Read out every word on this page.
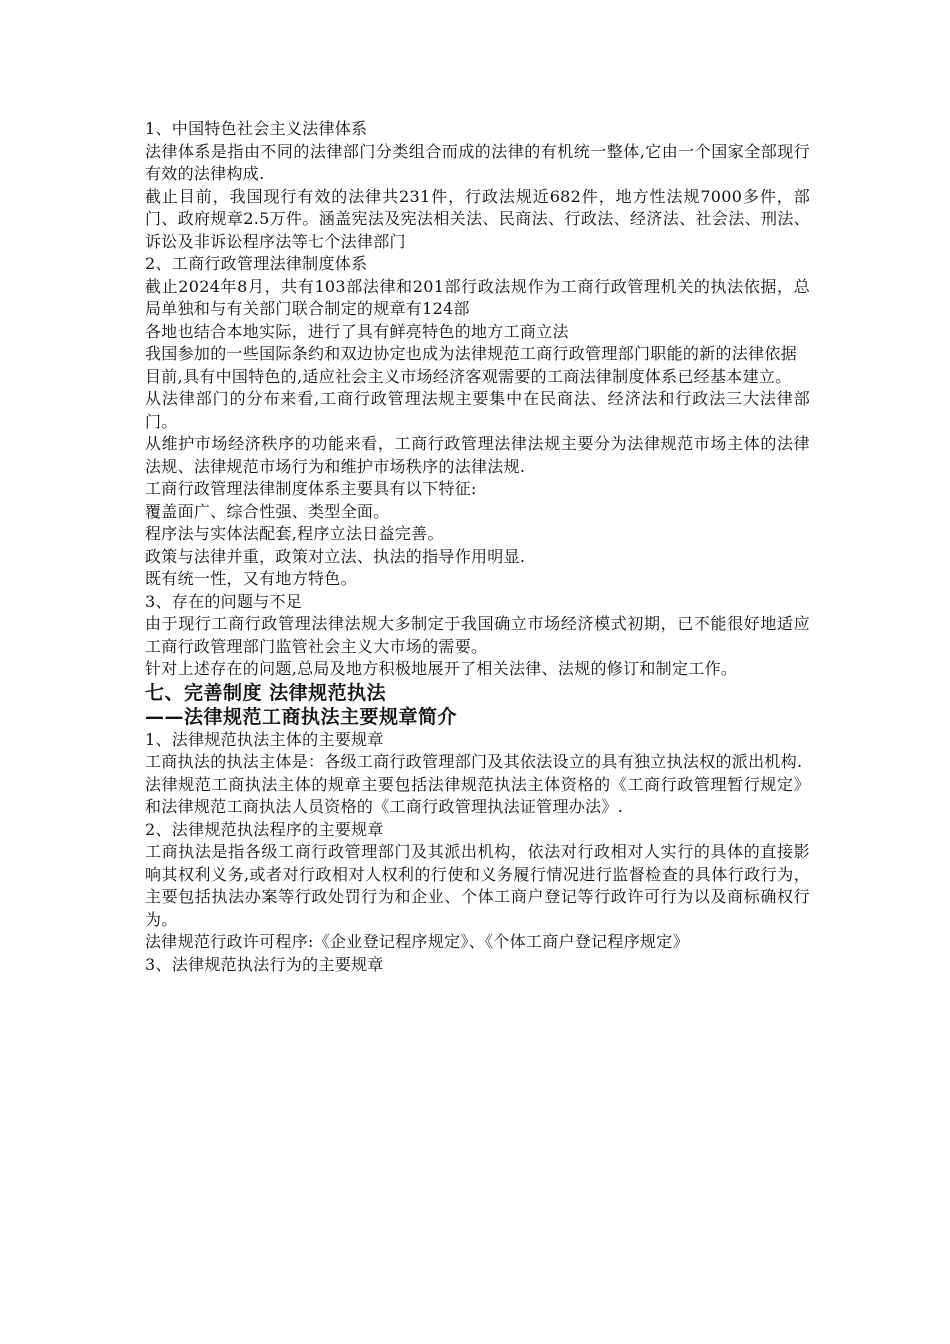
1、中国特色社会主义法律体系

法律体系是指由不同的法律部门分类组合而成的法律的有机统一整体,它由一个国家全部现行有效的法律构成.

截止目前，我国现行有效的法律共231件，行政法规近682件，地方性法规7000多件，部门、政府规章2.5万件。涵盖宪法及宪法相关法、民商法、行政法、经济法、社会法、刑法、诉讼及非诉讼程序法等七个法律部门

2、工商行政管理法律制度体系

截止2024年8月，共有103部法律和201部行政法规作为工商行政管理机关的执法依据，总局单独和与有关部门联合制定的规章有124部

各地也结合本地实际，进行了具有鲜亮特色的地方工商立法

我国参加的一些国际条约和双边协定也成为法律规范工商行政管理部门职能的新的法律依据

目前,具有中国特色的,适应社会主义市场经济客观需要的工商法律制度体系已经基本建立。

从法律部门的分布来看,工商行政管理法规主要集中在民商法、经济法和行政法三大法律部门。

从维护市场经济秩序的功能来看，工商行政管理法律法规主要分为法律规范市场主体的法律法规、法律规范市场行为和维护市场秩序的法律法规.

工商行政管理法律制度体系主要具有以下特征:

覆盖面广、综合性强、类型全面。

程序法与实体法配套,程序立法日益完善。

政策与法律并重，政策对立法、执法的指导作用明显.

既有统一性，又有地方特色。

3、存在的问题与不足

由于现行工商行政管理法律法规大多制定于我国确立市场经济模式初期，已不能很好地适应工商行政管理部门监管社会主义大市场的需要。

针对上述存在的问题,总局及地方积极地展开了相关法律、法规的修订和制定工作。

七、完善制度 法律规范执法
——法律规范工商执法主要规章简介

1、法律规范执法主体的主要规章

工商执法的执法主体是：各级工商行政管理部门及其依法设立的具有独立执法权的派出机构.

法律规范工商执法主体的规章主要包括法律规范执法主体资格的《工商行政管理暂行规定》和法律规范工商执法人员资格的《工商行政管理执法证管理办法》.

2、法律规范执法程序的主要规章

工商执法是指各级工商行政管理部门及其派出机构，依法对行政相对人实行的具体的直接影响其权利义务,或者对行政相对人权利的行使和义务履行情况进行监督检查的具体行政行为，主要包括执法办案等行政处罚行为和企业、个体工商户登记等行政许可行为以及商标确权行为。

法律规范行政许可程序:《企业登记程序规定》、《个体工商户登记程序规定》

3、法律规范执法行为的主要规章
